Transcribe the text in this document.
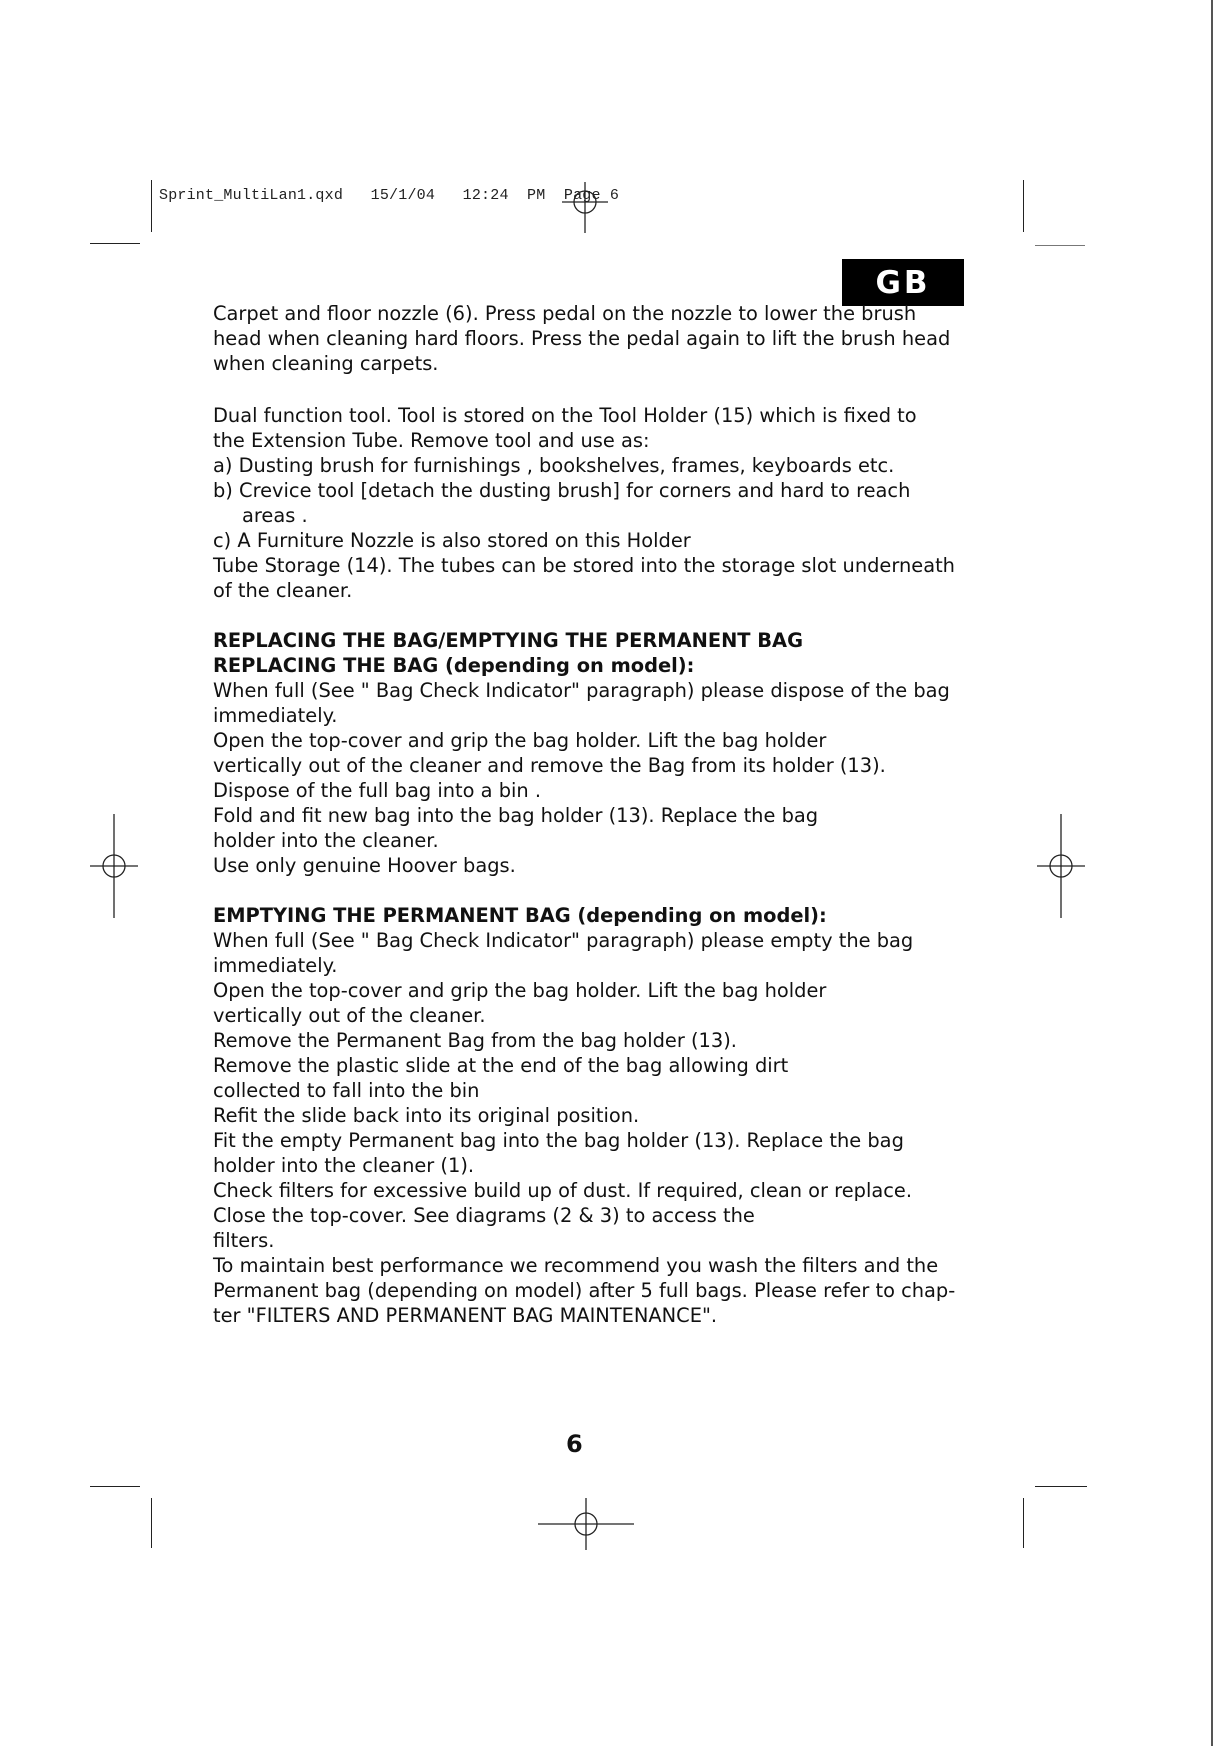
Sprint_MultiLan1.qxd   15/1/04   12:24  PM  Page 6
GB

Carpet and floor nozzle (6). Press pedal on the nozzle to lower the brush

head when cleaning hard floors. Press the pedal again to lift the brush head

when cleaning carpets.

Dual function tool. Tool is stored on the Tool Holder (15) which is fixed to

the Extension Tube. Remove tool and use as:

a) Dusting brush for furnishings , bookshelves, frames, keyboards etc.

b) Crevice tool [detach the dusting brush] for corners and hard to reach

areas .

c) A Furniture Nozzle is also stored on this Holder

Tube Storage (14). The tubes can be stored into the storage slot underneath

of the cleaner.

REPLACING THE BAG/EMPTYING THE PERMANENT BAG

REPLACING THE BAG (depending on model):

When full (See " Bag Check Indicator" paragraph) please dispose of the bag

immediately.

Open the top-cover and grip the bag holder. Lift the bag holder

vertically out of the cleaner and remove the Bag from its holder (13).

Dispose of the full bag into a bin .

Fold and fit new bag into the bag holder (13). Replace the bag

holder into the cleaner.

Use only genuine Hoover bags.

EMPTYING THE PERMANENT BAG (depending on model):

When full (See " Bag Check Indicator" paragraph) please empty the bag

immediately.

Open the top-cover and grip the bag holder. Lift the bag holder

vertically out of the cleaner.

Remove the Permanent Bag from the bag holder (13).

Remove the plastic slide at the end of the bag allowing dirt

collected to fall into the bin

Refit the slide back into its original position.

Fit the empty Permanent bag into the bag holder (13). Replace the bag

holder into the cleaner (1).

Check filters for excessive build up of dust. If required, clean or replace.

Close the top-cover. See diagrams (2 & 3) to access the

filters.

To maintain best performance we recommend you wash the filters and the

Permanent bag (depending on model) after 5 full bags. Please refer to chap-

ter "FILTERS AND PERMANENT BAG MAINTENANCE".

6
